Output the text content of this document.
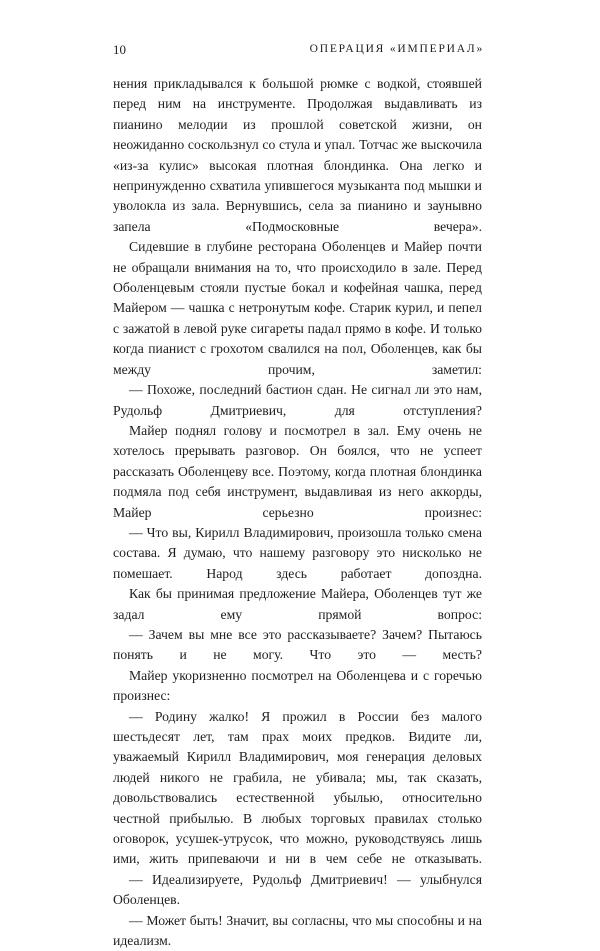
10	ОПЕРАЦИЯ «ИМПЕРИАЛ»

нения прикладывался к большой рюмке с водкой, стоявшей перед ним на инструменте. Продолжая выдавливать из пианино мелодии из прошлой советской жизни, он неожиданно соскользнул со стула и упал. Тотчас же выскочила «из-за кулис» высокая плотная блондинка. Она легко и непринужденно схватила упившегося музыканта под мышки и уволокла из зала. Вернувшись, села за пианино и заунывно запела «Подмосковные вечера».

Сидевшие в глубине ресторана Оболенцев и Майер почти не обращали внимания на то, что происходило в зале. Перед Оболенцевым стояли пустые бокал и кофейная чашка, перед Майером — чашка с нетронутым кофе. Старик курил, и пепел с зажатой в левой руке сигареты падал прямо в кофе. И только когда пианист с грохотом свалился на пол, Оболенцев, как бы между прочим, заметил:

— Похоже, последний бастион сдан. Не сигнал ли это нам, Рудольф Дмитриевич, для отступления?

Майер поднял голову и посмотрел в зал. Ему очень не хотелось прерывать разговор. Он боялся, что не успеет рассказать Оболенцеву все. Поэтому, когда плотная блондинка подмяла под себя инструмент, выдавливая из него аккорды, Майер серьезно произнес:

— Что вы, Кирилл Владимирович, произошла только смена состава. Я думаю, что нашему разговору это нисколько не помешает. Народ здесь работает допоздна.

Как бы принимая предложение Майера, Оболенцев тут же задал ему прямой вопрос:

— Зачем вы мне все это рассказываете? Зачем? Пытаюсь понять и не могу. Что это — месть?

Майер укоризненно посмотрел на Оболенцева и с горечью произнес:

— Родину жалко! Я прожил в России без малого шестьдесят лет, там прах моих предков. Видите ли, уважаемый Кирилл Владимирович, моя генерация деловых людей никого не грабила, не убивала; мы, так сказать, довольствовались естественной убылью, относительно честной прибылью. В любых торговых правилах столько оговорок, усушек-утрусок, что можно, руководствуясь лишь ими, жить припеваючи и ни в чем себе не отказывать.

— Идеализируете, Рудольф Дмитриевич! — улыбнулся Оболенцев.

— Может быть! Значит, вы согласны, что мы способны и на идеализм.
